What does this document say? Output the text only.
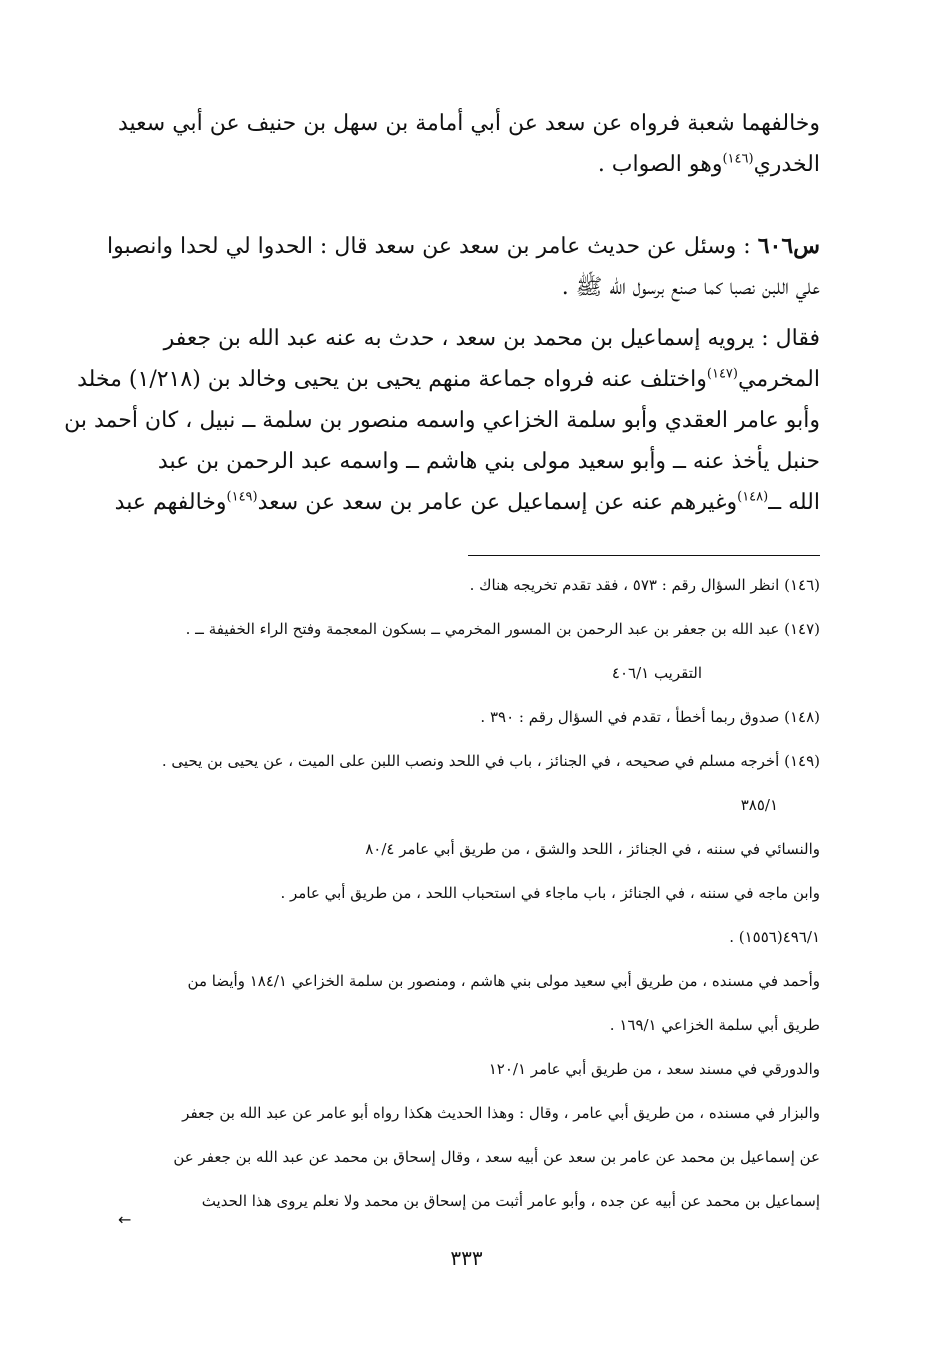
وخالفهما شعبة فرواه عن سعد عن أبي أمامة بن سهل بن حنيف عن أبي سعيد
الخدري$^{(١٤٦)}$وهو الصواب .
س٦٠٦ : وسئل عن حديث عامر بن سعد عن سعد قال : الحدوا لي لحدا وانصبوا
علي اللبن نصبا كما صنع برسول الله ﷺ .
فقال : يرويه إسماعيل بن محمد بن سعد ، حدث به عنه عبد الله بن جعفر
المخرمي$^{(١٤٧)}$واختلف عنه فرواه جماعة منهم يحيى بن يحيى وخالد بن (١/٢١٨) مخلد
وأبو عامر العقدي وأبو سلمة الخزاعي واسمه منصور بن سلمة ــ نبيل ، كان أحمد بن
حنبل يأخذ عنه ــ وأبو سعيد مولى بني هاشم ــ واسمه عبد الرحمن بن عبد
الله ــ$^{(١٤٨)}$وغيرهم عنه عن إسماعيل عن عامر بن سعد عن سعد$^{(١٤٩)}$وخالفهم عبد
(١٤٦) انظر السؤال رقم : ٥٧٣ ، فقد تقدم تخريجه هناك .
(١٤٧) عبد الله بن جعفر بن عبد الرحمن بن المسور المخرمي ــ بسكون المعجمة وفتح الراء الخفيفة ــ .
التقريب ٤٠٦/١
(١٤٨) صدوق ربما أخطأ ، تقدم في السؤال رقم : ٣٩٠ .
(١٤٩) أخرجه مسلم في صحيحه ، في الجنائز ، باب في اللحد ونصب اللبن على الميت ، عن يحيى بن يحيى .
٣٨٥/١
والنسائي في سننه ، في الجنائز ، اللحد والشق ، من طريق أبي عامر ٨٠/٤
وابن ماجه في سننه ، في الجنائز ، باب ماجاء في استحباب اللحد ، من طريق أبي عامر .
٤٩٦/١(١٥٥٦) .
وأحمد في مسنده ، من طريق أبي سعيد مولى بني هاشم ، ومنصور بن سلمة الخزاعي ١٨٤/١ وأيضا من
طريق أبي سلمة الخزاعي ١٦٩/١ .
والدورقي في مسند سعد ، من طريق أبي عامر ١٢٠/١
والبزار في مسنده ، من طريق أبي عامر ، وقال : وهذا الحديث هكذا رواه أبو عامر عن عبد الله بن جعفر
عن إسماعيل بن محمد عن عامر بن سعد عن أبيه سعد ، وقال إسحاق بن محمد عن عبد الله بن جعفر عن
إسماعيل بن محمد عن أبيه عن جده ، وأبو عامر أثبت من إسحاق بن محمد ولا نعلم يروى هذا الحديث
←
٣٣٣
